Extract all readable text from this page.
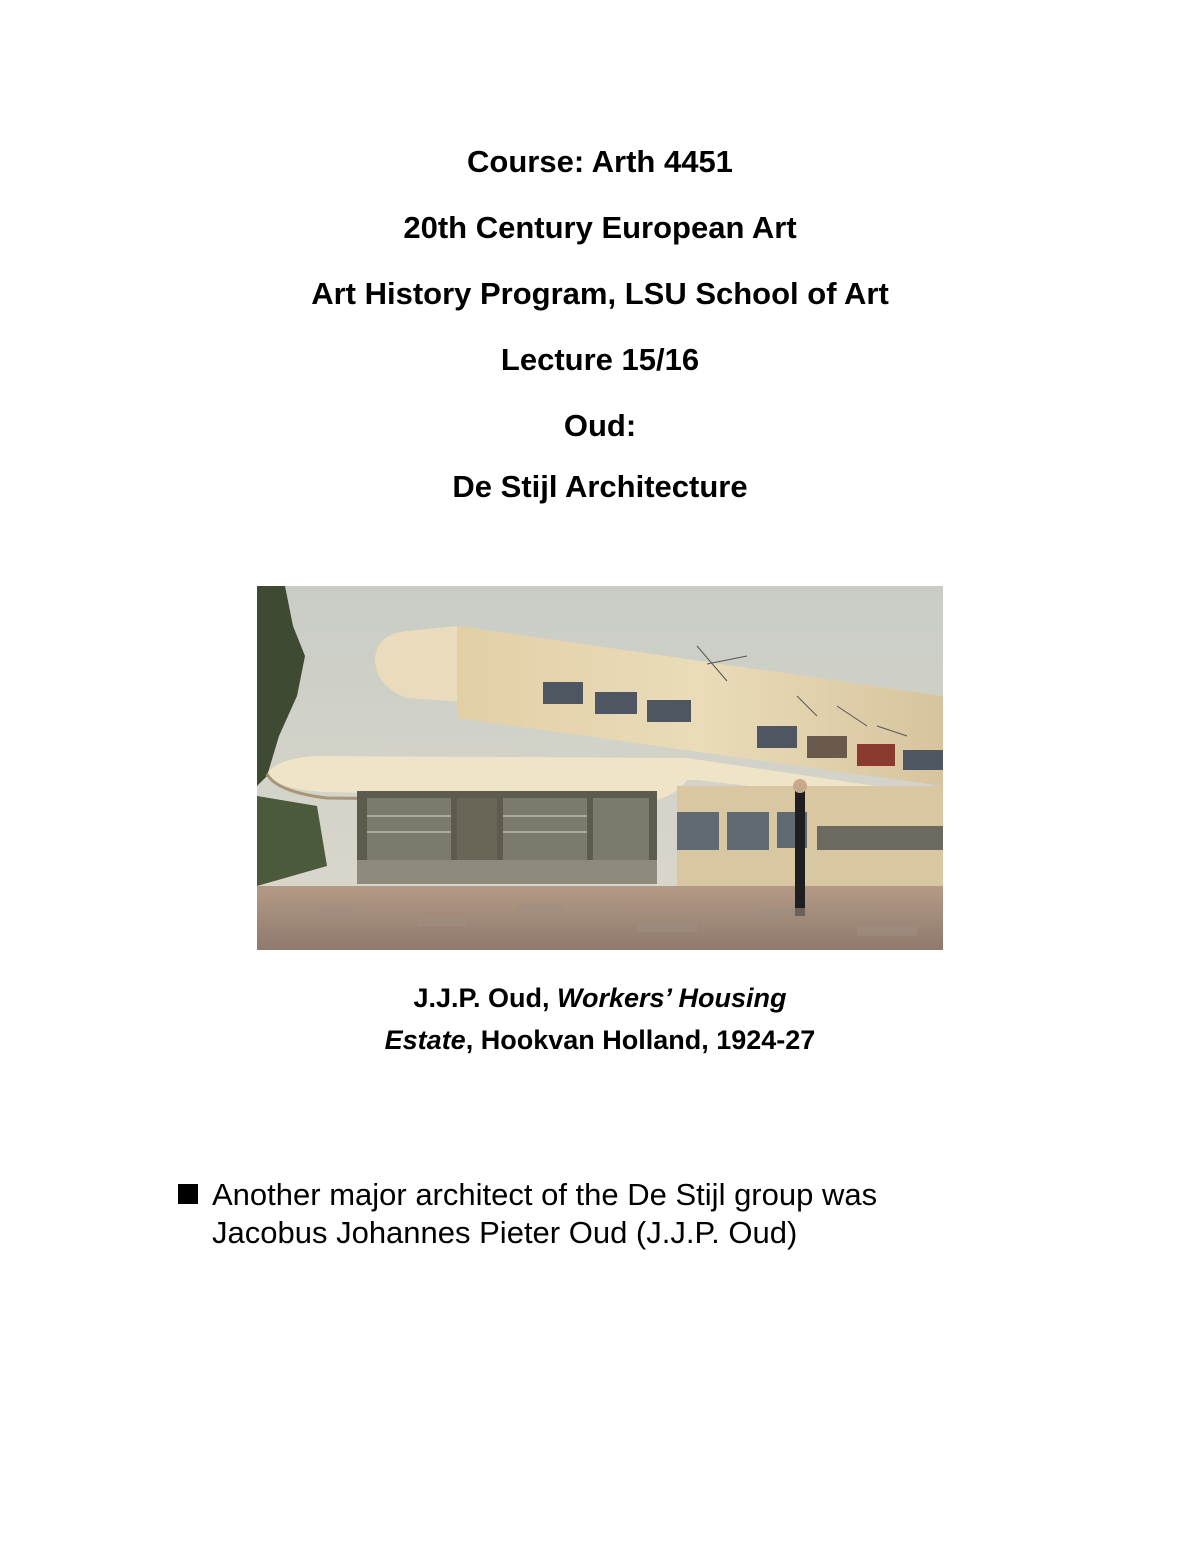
Course: Arth 4451
20th Century European Art
Art History Program, LSU School of Art
Lecture 15/16
Oud:
De Stijl Architecture
J.J.P. Oud, Workers’ Housing
Estate, Hookvan Holland, 1924-27
Another major architect of the De Stijl group was
Jacobus Johannes Pieter Oud (J.J.P. Oud)
